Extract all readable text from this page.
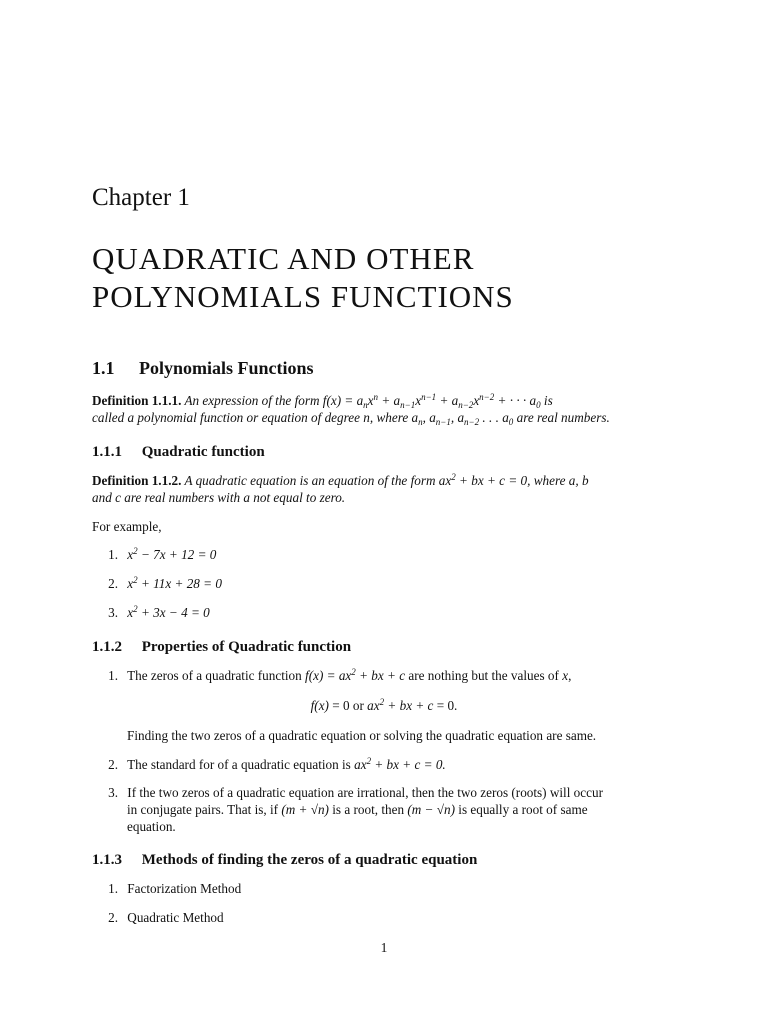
Chapter 1
QUADRATIC AND OTHER
POLYNOMIALS FUNCTIONS
1.1 Polynomials Functions
Definition 1.1.1. An expression of the form $f(x) = a_nx^n + a_{n-1}x^{n-1} + a_{n-2}x^{n-2}$ + · · · $a_0$ is
called a polynomial function or equation of degree n, where $a_n$, $a_{n-1}$, $a_{n-2}$ . . . $a_0$ are real numbers.
1.1.1 Quadratic function
Definition 1.1.2. A quadratic equation is an equation of the form $ax^2$ + bx + c = 0, where a, b
and c are real numbers with a not equal to zero.
For example,
1. $x^2 - 7x + 12 = 0$
2. $x^2 + 11x + 28 = 0$
3. $x^2 + 3x - 4 = 0$
1.1.2 Properties of Quadratic function
1. The zeros of a quadratic function $f(x) = ax^2$ + bx + c are nothing but the values of x,
f(x) = 0 or $ax^2$ + bx + c = 0.
Finding the two zeros of a quadratic equation or solving the quadratic equation are same.
2. The standard for of a quadratic equation is $ax^2$ + bx + c = 0.
3. If the two zeros of a quadratic equation are irrational, then the two zeros (roots) will occur
in conjugate pairs. That is, if (m + √n) is a root, then (m − √n) is equally a root of same
equation.
1.1.3 Methods of finding the zeros of a quadratic equation
1. Factorization Method
2. Quadratic Method
1
